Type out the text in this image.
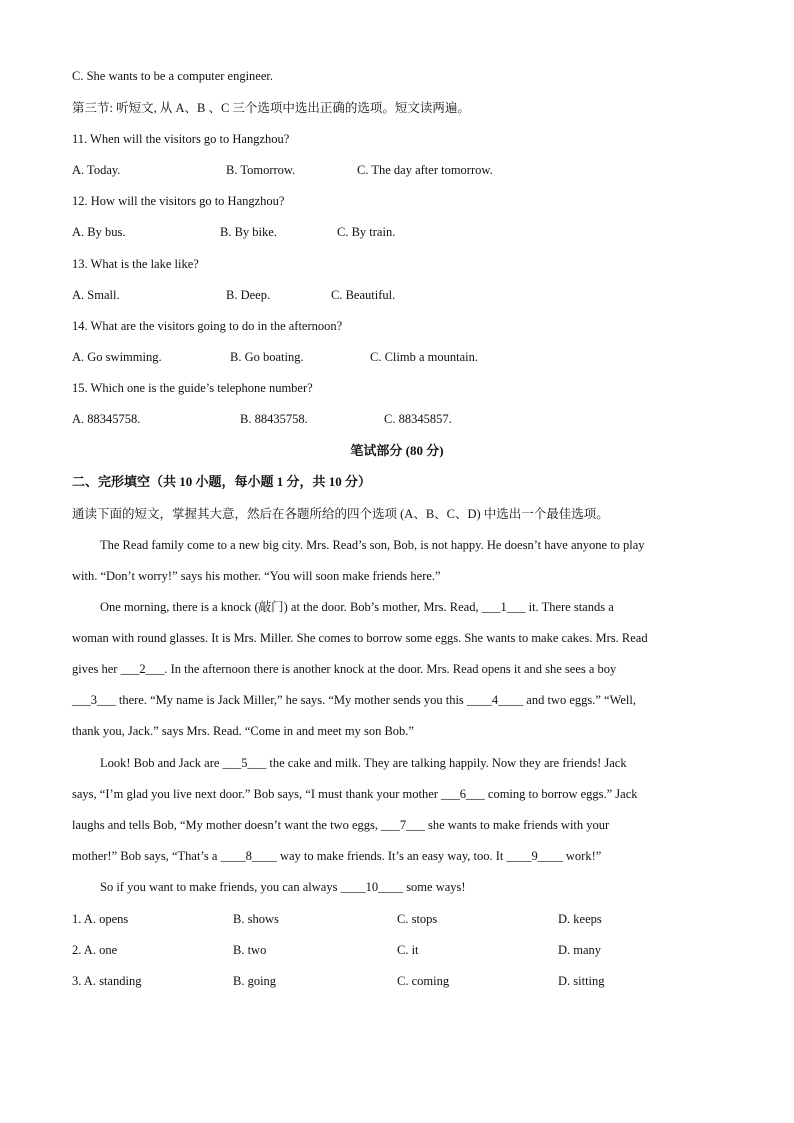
C. She wants to be a computer engineer.
第三节: 听短文, 从 A、B 、C 三个选项中选出正确的选项。短文读两遍。
11. When will the visitors go to Hangzhou?
A. Today.	B. Tomorrow.	C. The day after tomorrow.
12. How will the visitors go to Hangzhou?
A. By bus.	B. By bike.	C. By train.
13. What is the lake like?
A. Small.	B. Deep.	C. Beautiful.
14. What are the visitors going to do in the afternoon?
A. Go swimming.	B. Go boating.	C. Climb a mountain.
15. Which one is the guide’s telephone number?
A. 88345758.	B. 88435758.	C. 88345857.
笔试部分 (80 分)
二、完形填空（共 10 小题，每小题 1 分，共 10 分）
通读下面的短文，掌握其大意，然后在各题所给的四个选项 (A、B、C、D) 中选出一个最佳选项。
The Read family come to a new big city. Mrs. Read’s son, Bob, is not happy. He doesn’t have anyone to play
with. “Don’t worry!” says his mother. “You will soon make friends here.”
One morning, there is a knock (敲门) at the door. Bob’s mother, Mrs. Read, ___1___ it. There stands a
woman with round glasses. It is Mrs. Miller. She comes to borrow some eggs. She wants to make cakes. Mrs. Read
gives her ___2___. In the afternoon there is another knock at the door. Mrs. Read opens it and she sees a boy
___3___ there. “My name is Jack Miller,” he says. “My mother sends you this ____4____ and two eggs.” “Well,
thank you, Jack.” says Mrs. Read. “Come in and meet my son Bob.”
Look! Bob and Jack are ___5___ the cake and milk. They are talking happily. Now they are friends! Jack
says, “I’m glad you live next door.” Bob says, “I must thank your mother ___6___ coming to borrow eggs.” Jack
laughs and tells Bob, “My mother doesn’t want the two eggs, ___7___ she wants to make friends with your
mother!” Bob says, “That’s a ____8____ way to make friends. It’s an easy way, too. It ____9____ work!”
So if you want to make friends, you can always ____10____ some ways!
1. A. opens	B. shows	C. stops	D. keeps
2. A. one	B. two	C. it	D. many
3. A. standing	B. going	C. coming	D. sitting
